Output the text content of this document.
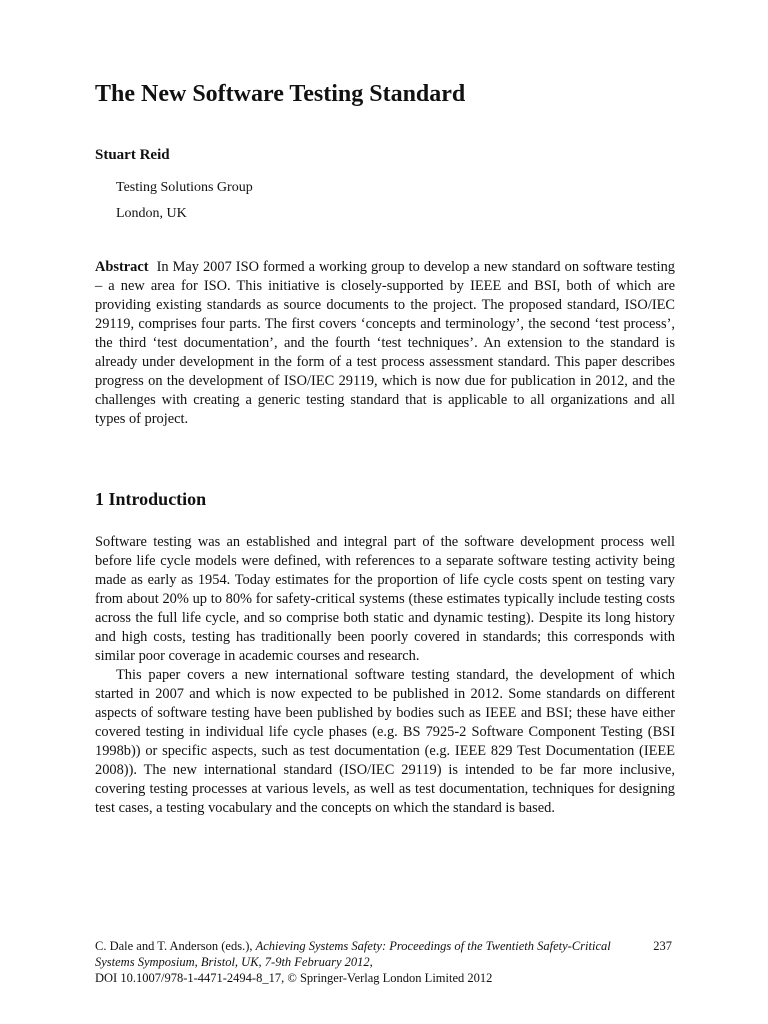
The New Software Testing Standard
Stuart Reid
Testing Solutions Group
London, UK

Abstract In May 2007 ISO formed a working group to develop a new standard on software testing – a new area for ISO. This initiative is closely-supported by IEEE and BSI, both of which are providing existing standards as source documents to the project. The proposed standard, ISO/IEC 29119, comprises four parts. The first covers ‘concepts and terminology’, the second ‘test process’, the third ‘test documentation’, and the fourth ‘test techniques’. An extension to the standard is already under development in the form of a test process assessment standard. This paper describes progress on the development of ISO/IEC 29119, which is now due for publication in 2012, and the challenges with creating a generic testing standard that is applicable to all organizations and all types of project.

1 Introduction

Software testing was an established and integral part of the software development process well before life cycle models were defined, with references to a separate software testing activity being made as early as 1954. Today estimates for the proportion of life cycle costs spent on testing vary from about 20% up to 80% for safety-critical systems (these estimates typically include testing costs across the full life cycle, and so comprise both static and dynamic testing). Despite its long history and high costs, testing has traditionally been poorly covered in standards; this corresponds with similar poor coverage in academic courses and research.

This paper covers a new international software testing standard, the development of which started in 2007 and which is now expected to be published in 2012. Some standards on different aspects of software testing have been published by bodies such as IEEE and BSI; these have either covered testing in individual life cycle phases (e.g. BS 7925-2 Software Component Testing (BSI 1998b)) or specific aspects, such as test documentation (e.g. IEEE 829 Test Documentation (IEEE 2008)). The new international standard (ISO/IEC 29119) is intended to be far more inclusive, covering testing processes at various levels, as well as test documentation, techniques for designing test cases, a testing vocabulary and the concepts on which the standard is based.

C. Dale and T. Anderson (eds.), Achieving Systems Safety: Proceedings of the Twentieth Safety-Critical Systems Symposium, Bristol, UK, 7-9th February 2012,
DOI 10.1007/978-1-4471-2494-8_17, © Springer-Verlag London Limited 2012
237
